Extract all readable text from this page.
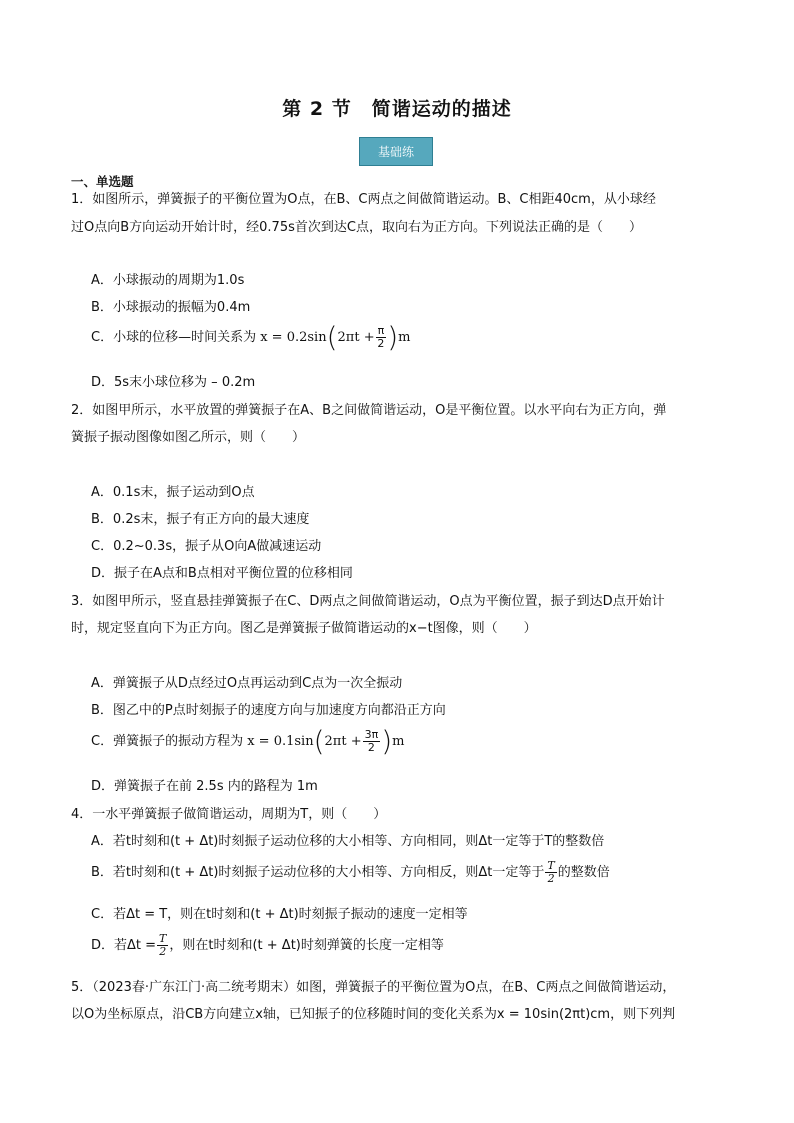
第 2 节　简谐运动的描述
基础练
一、单选题
1．如图所示，弹簧振子的平衡位置为O点，在B、C两点之间做简谐运动。B、C相距40cm，从小球经
过O点向B方向运动开始计时，经0.75s首次到达C点，取向右为正方向。下列说法正确的是（　　）
A．小球振动的周期为1.0s
B．小球振动的振幅为0.4m
C．小球的位移—时间关系为 $x = 0.2\sin(2\pi t + \frac{\pi}{2} )m$
D．5s末小球位移为 – 0.2m
2．如图甲所示，水平放置的弹簧振子在A、B之间做简谐运动，O是平衡位置。以水平向右为正方向，弹
簧振子振动图像如图乙所示，则（　　）
A．0.1s末，振子运动到O点
B．0.2s末，振子有正方向的最大速度
C．0.2~0.3s，振子从O向A做减速运动
D．振子在A点和B点相对平衡位置的位移相同
3．如图甲所示，竖直悬挂弹簧振子在C、D两点之间做简谐运动，O点为平衡位置，振子到达D点开始计
时，规定竖直向下为正方向。图乙是弹簧振子做简谐运动的x−t图像，则（　　）
A．弹簧振子从D点经过O点再运动到C点为一次全振动
B．图乙中的P点时刻振子的速度方向与加速度方向都沿正方向
C．弹簧振子的振动方程为 $x = 0.1\sin(2\pi t + \frac{3\pi}{2} )m$
D．弹簧振子在前 2.5s 内的路程为 1m
4．一水平弹簧振子做简谐运动，周期为T，则（　　）
A．若t时刻和(t + Δt)时刻振子运动位移的大小相等、方向相同，则Δt一定等于T的整数倍
B．若t时刻和(t + Δt)时刻振子运动位移的大小相等、方向相反，则Δt一定等于 $\frac{T}{2}$ 的整数倍
C．若Δt = T，则在t时刻和(t + Δt)时刻振子振动的速度一定相等
D．若$\Delta t = \frac{T}{2}$ ，则在t时刻和(t + Δt)时刻弹簧的长度一定相等
5．（2023春·广东江门·高二统考期末）如图，弹簧振子的平衡位置为O点，在B、C两点之间做简谐运动，
以O为坐标原点，沿CB方向建立x轴，已知振子的位移随时间的变化关系为x = 10sin(2πt)cm，则下列判
